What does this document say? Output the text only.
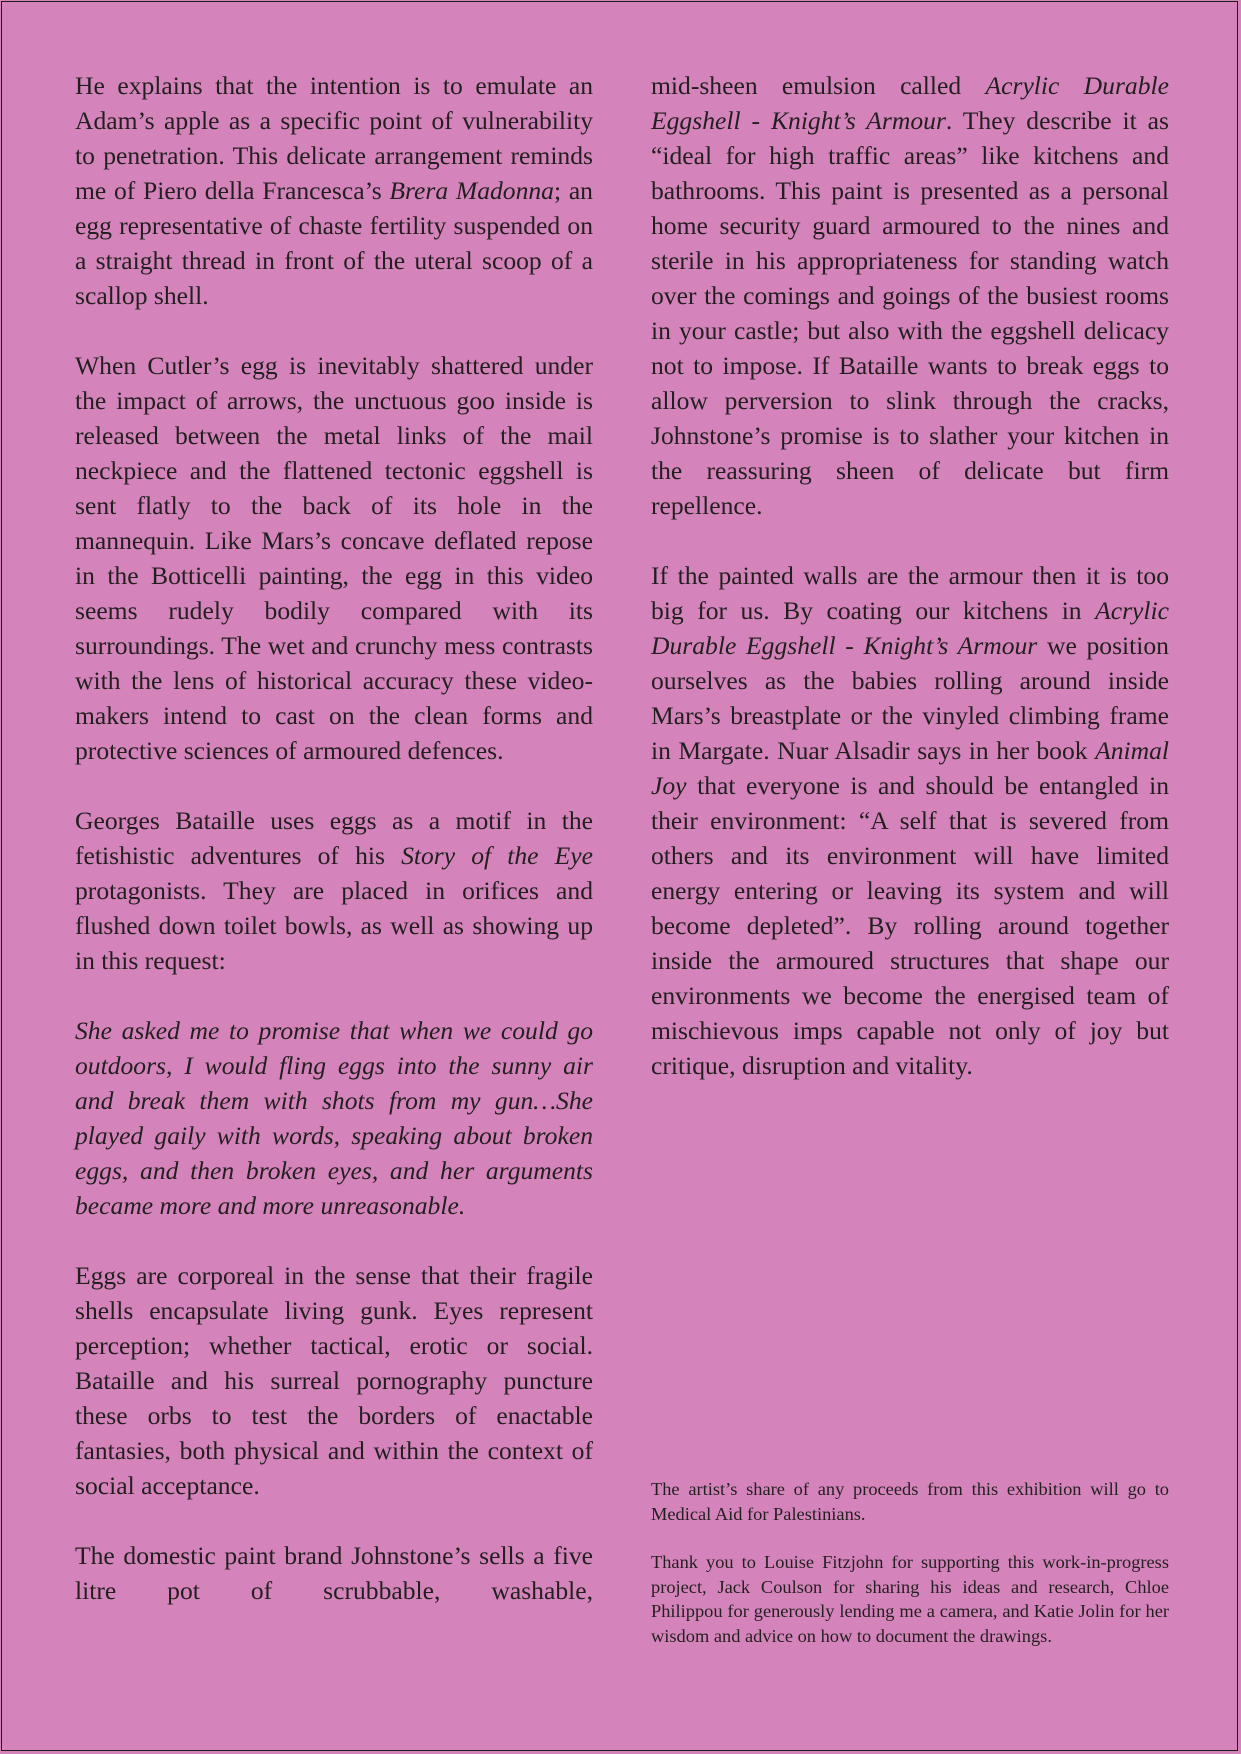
He explains that the intention is to emulate an Adam’s apple as a specific point of vulnerability to penetration. This delicate arrangement reminds me of Piero della Francesca’s Brera Madonna; an egg representative of chaste fertility suspended on a straight thread in front of the uteral scoop of a scallop shell.

When Cutler’s egg is inevitably shattered under the impact of arrows, the unctuous goo inside is released between the metal links of the mail neckpiece and the flattened tectonic eggshell is sent flatly to the back of its hole in the mannequin. Like Mars’s concave deflated repose in the Botticelli painting, the egg in this video seems rudely bodily compared with its surroundings. The wet and crunchy mess contrasts with the lens of historical accuracy these video-makers intend to cast on the clean forms and protective sciences of armoured defences.

Georges Bataille uses eggs as a motif in the fetishistic adventures of his Story of the Eye protagonists. They are placed in orifices and flushed down toilet bowls, as well as showing up in this request:

She asked me to promise that when we could go outdoors, I would fling eggs into the sunny air and break them with shots from my gun…She played gaily with words, speaking about broken eggs, and then broken eyes, and her arguments became more and more unreasonable.

Eggs are corporeal in the sense that their fragile shells encapsulate living gunk. Eyes represent perception; whether tactical, erotic or social. Bataille and his surreal pornography puncture these orbs to test the borders of enactable fantasies, both physical and within the context of social acceptance.

The domestic paint brand Johnstone’s sells a five litre pot of scrubbable, washable,

mid-sheen emulsion called Acrylic Durable Eggshell - Knight’s Armour. They describe it as “ideal for high traffic areas” like kitchens and bathrooms. This paint is presented as a personal home security guard armoured to the nines and sterile in his appropriateness for standing watch over the comings and goings of the busiest rooms in your castle; but also with the eggshell delicacy not to impose. If Bataille wants to break eggs to allow perversion to slink through the cracks, Johnstone’s promise is to slather your kitchen in the reassuring sheen of delicate but firm repellence.

If the painted walls are the armour then it is too big for us. By coating our kitchens in Acrylic Durable Eggshell - Knight’s Armour we position ourselves as the babies rolling around inside Mars’s breastplate or the vinyled climbing frame in Margate. Nuar Alsadir says in her book Animal Joy that everyone is and should be entangled in their environment: “A self that is severed from others and its environment will have limited energy entering or leaving its system and will become depleted”. By rolling around together inside the armoured structures that shape our environments we become the energised team of mischievous imps capable not only of joy but critique, disruption and vitality.

The artist’s share of any proceeds from this exhibition will go to Medical Aid for Palestinians.

Thank you to Louise Fitzjohn for supporting this work-in-progress project, Jack Coulson for sharing his ideas and research, Chloe Philippou for generously lending me a camera, and Katie Jolin for her wisdom and advice on how to document the drawings.
